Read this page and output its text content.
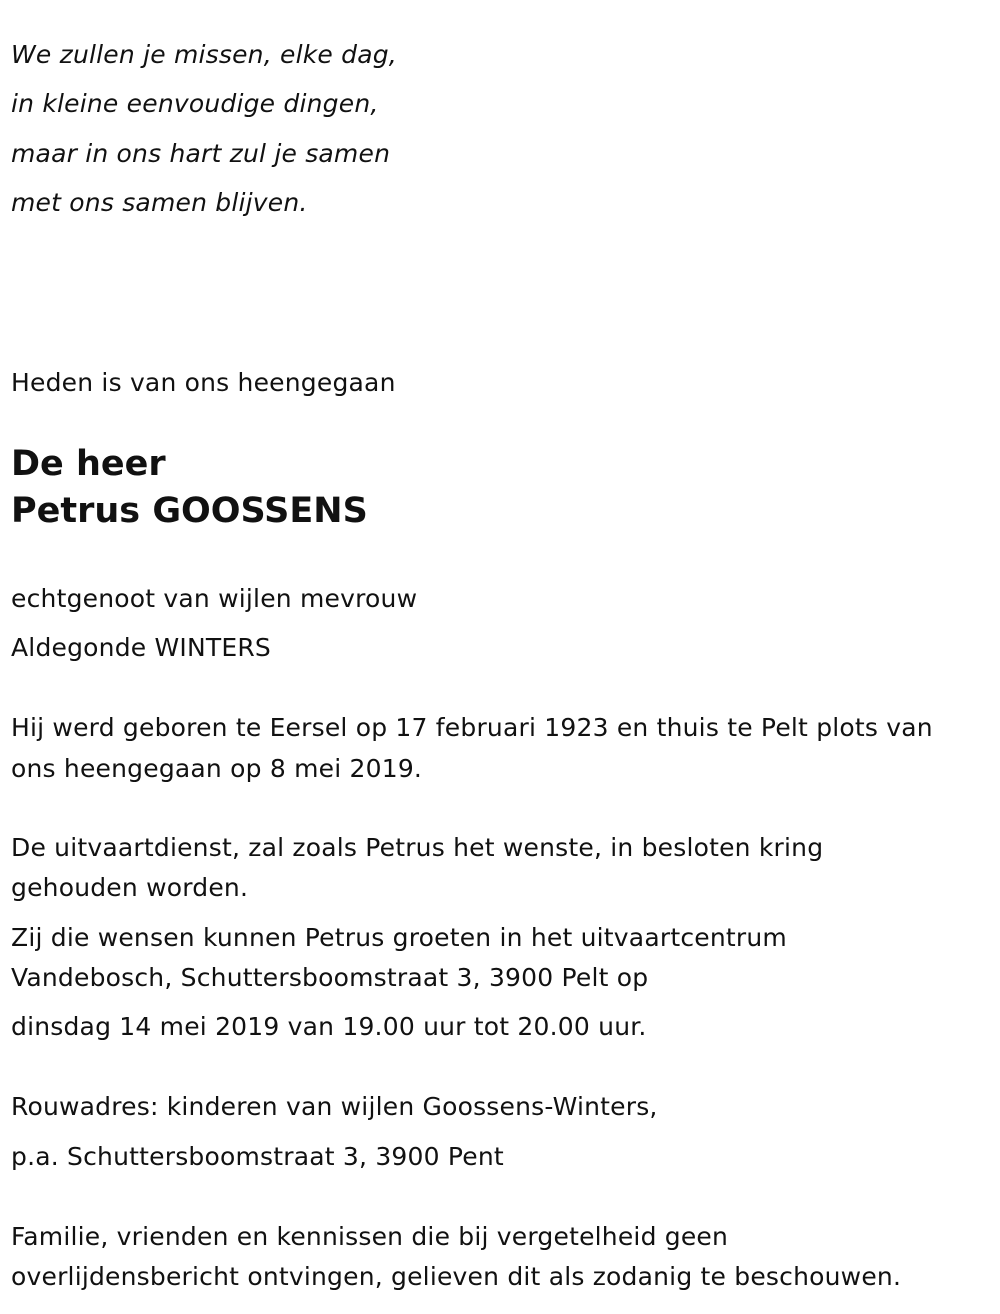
We zullen je missen, elke dag,
in kleine eenvoudige dingen,
maar in ons hart zul je samen
met ons samen blijven.
Heden is van ons heengegaan
De heer
Petrus GOOSSENS
echtgenoot van wijlen mevrouw
Aldegonde WINTERS
Hij werd geboren te Eersel op 17 februari 1923 en thuis te Pelt plots van
ons heengegaan op 8 mei 2019.
De uitvaartdienst, zal zoals Petrus het wenste, in besloten kring
gehouden worden.
Zij die wensen kunnen Petrus groeten in het uitvaartcentrum
Vandebosch, Schuttersboomstraat 3, 3900 Pelt op
dinsdag 14 mei 2019 van 19.00 uur tot 20.00 uur.
Rouwadres: kinderen van wijlen Goossens-Winters,
p.a. Schuttersboomstraat 3, 3900 Pent
Familie, vrienden en kennissen die bij vergetelheid geen
overlijdensbericht ontvingen, gelieven dit als zodanig te beschouwen.
